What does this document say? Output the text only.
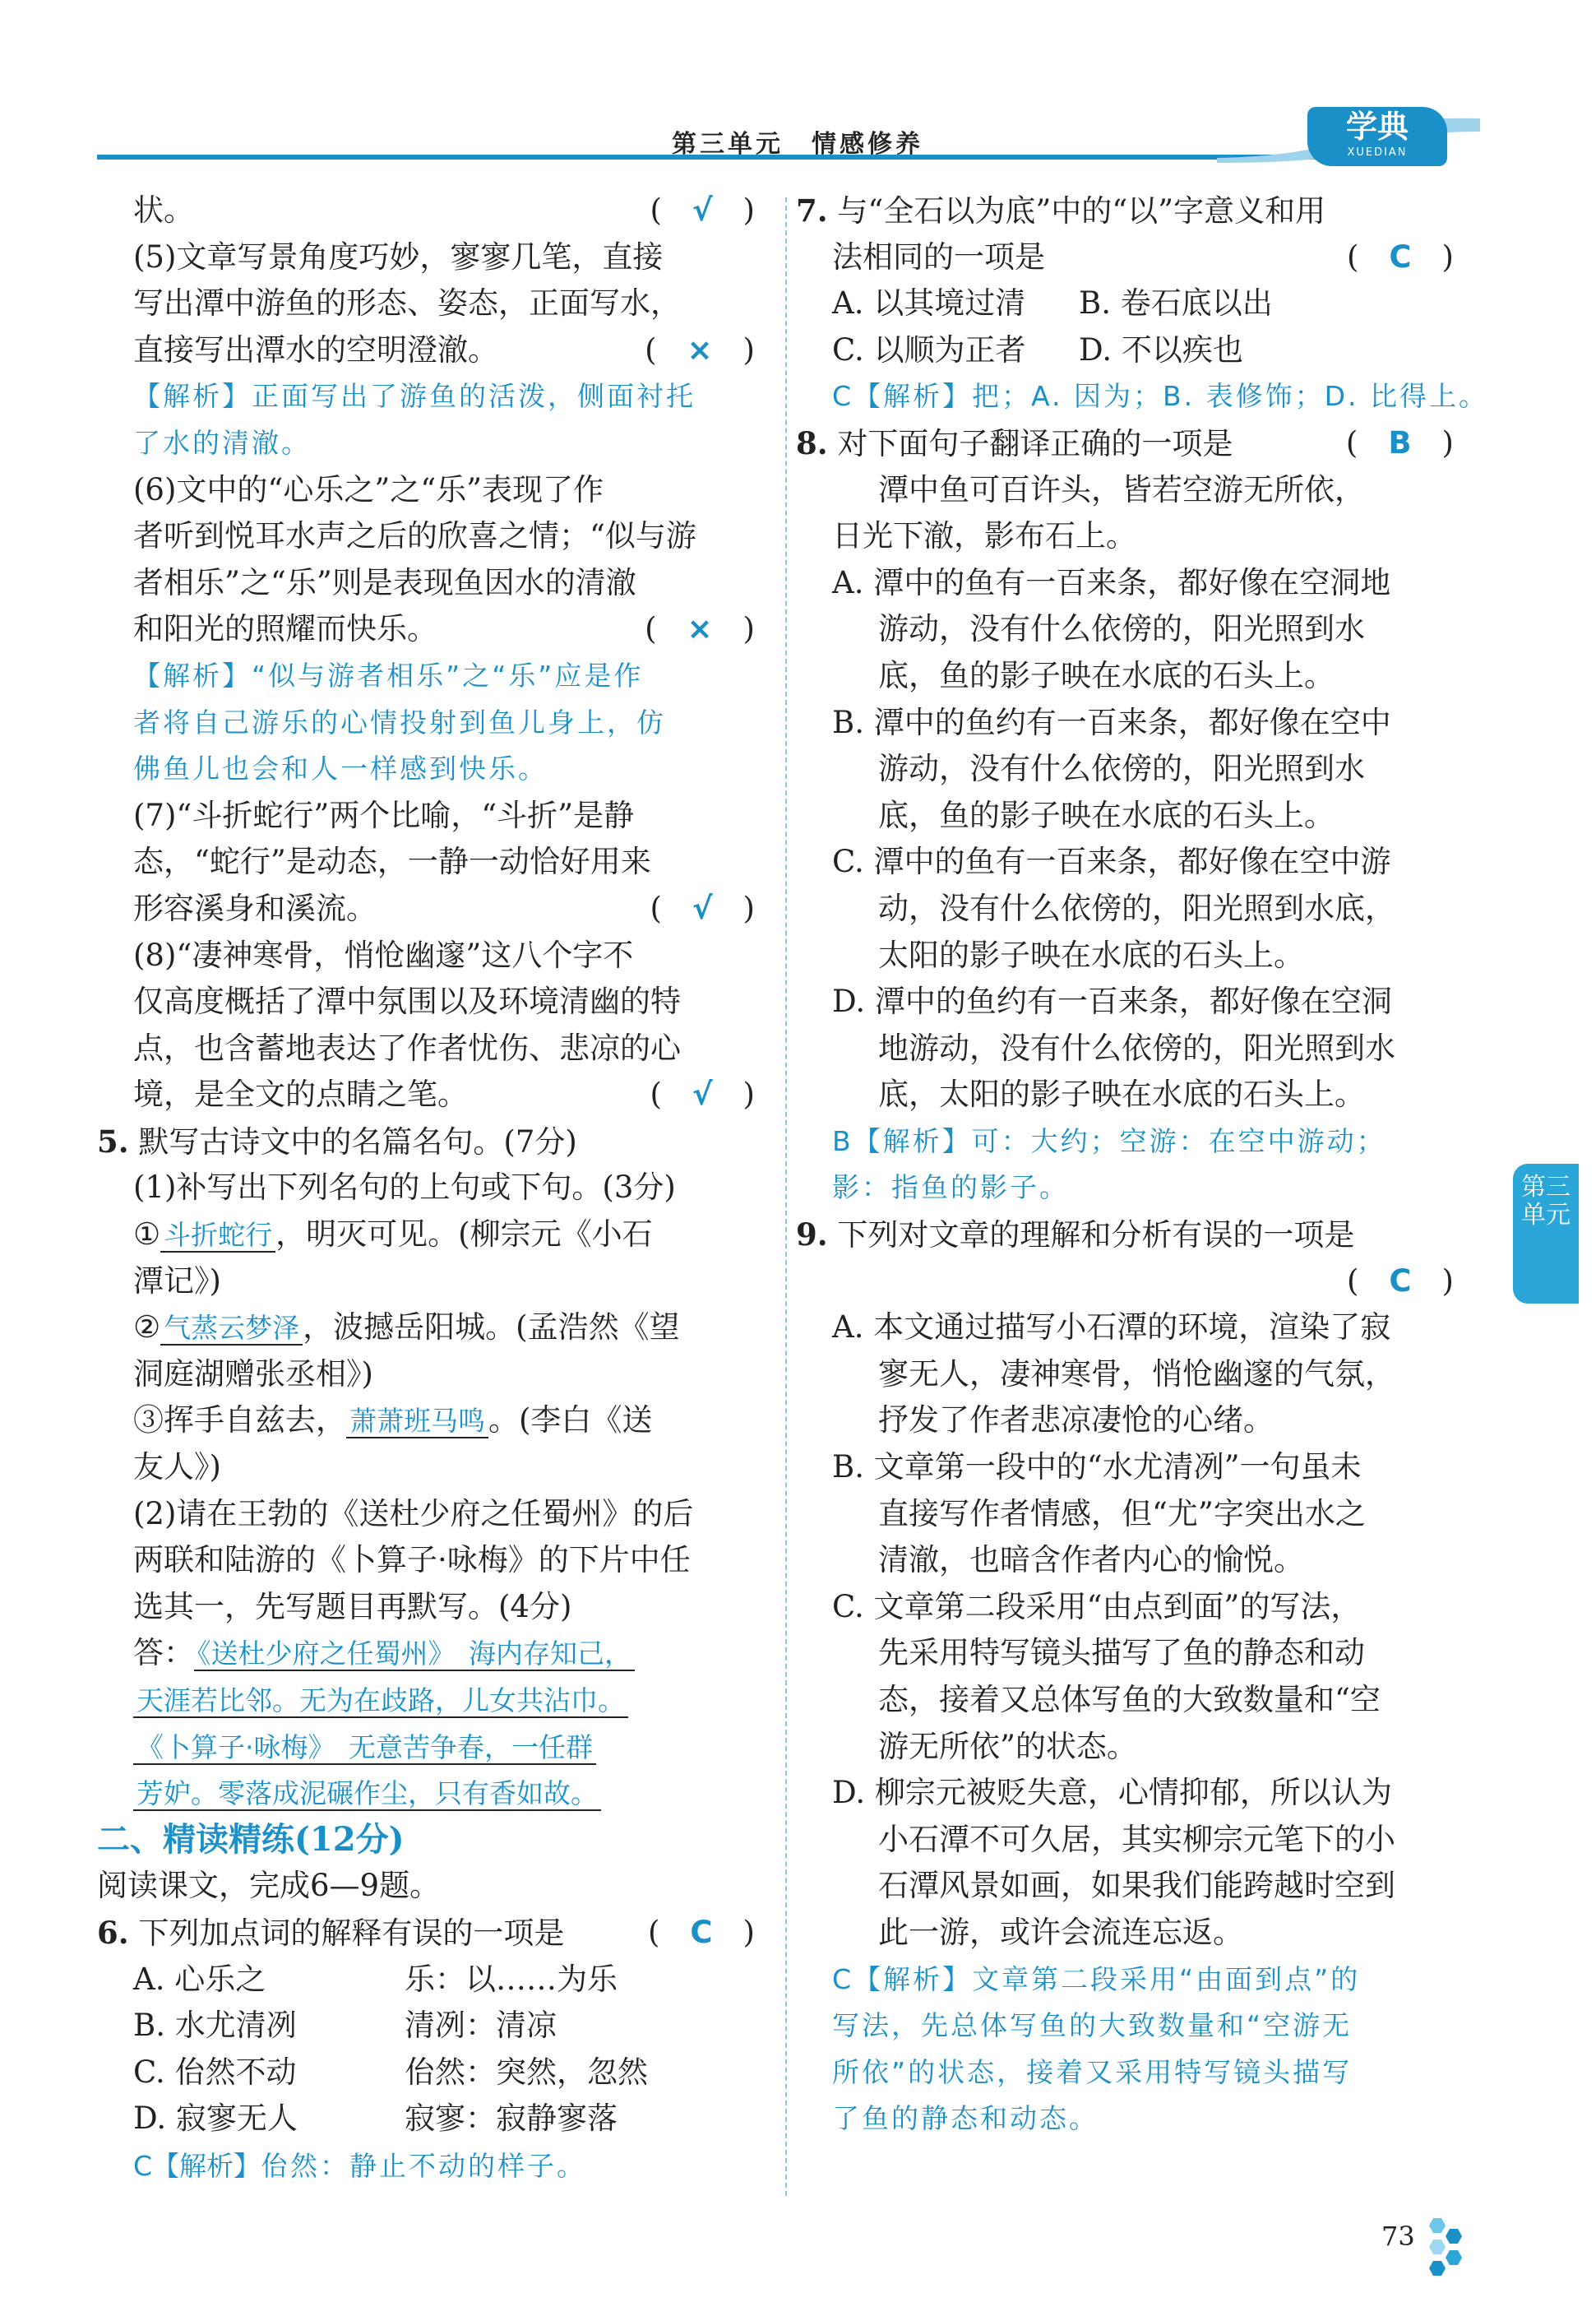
第三单元　情感修养	学典
XUEDIAN
状。	(　√　)
(5)文章写景角度巧妙，寥寥几笔，直接
写出潭中游鱼的形态、姿态，正面写水，
直接写出潭水的空明澄澈。	(　×　)
【解析】正面写出了游鱼的活泼，侧面衬托
了水的清澈。
(6)文中的“心乐之”之“乐”表现了作
者听到悦耳水声之后的欣喜之情；“似与游
者相乐”之“乐”则是表现鱼因水的清澈
和阳光的照耀而快乐。	(　×　)
【解析】“似与游者相乐”之“乐”应是作
者将自己游乐的心情投射到鱼儿身上，仿
佛鱼儿也会和人一样感到快乐。
(7)“斗折蛇行”两个比喻，“斗折”是静
态，“蛇行”是动态，一静一动恰好用来
形容溪身和溪流。	(　√　)
(8)“凄神寒骨，悄怆幽邃”这八个字不
仅高度概括了潭中氛围以及环境清幽的特
点，也含蓄地表达了作者忧伤、悲凉的心
境，是全文的点睛之笔。	(　√　)
5. 默写古诗文中的名篇名句。(7分)
(1)补写出下列名句的上句或下句。(3分)
① 斗折蛇行 ，明灭可见。(柳宗元《小石
潭记》)
② 气蒸云梦泽 ，波撼岳阳城。(孟浩然《望
洞庭湖赠张丞相》)
③挥手自兹去， 萧萧班马鸣 。(李白《送
友人》)
(2)请在王勃的《送杜少府之任蜀州》的后
两联和陆游的《卜算子·咏梅》的下片中任
选其一，先写题目再默写。(4分)
答： 《送杜少府之任蜀州》　海内存知己，
天涯若比邻。无为在歧路，儿女共沾巾。
《卜算子·咏梅》　无意苦争春，一任群
芳妒。零落成泥碾作尘，只有香如故。
二、精读精练(12分)
阅读课文，完成6—9题。
6. 下列加点词的解释有误的一项是	(　C　)
A. 心乐之	乐：以……为乐
B. 水尤清冽	清冽：清凉
C. 佁然不动	佁然：突然，忽然
D. 寂寥无人	寂寥：寂静寥落
C【解析】佁然：静止不动的样子。
7. 与“全石以为底”中的“以”字意义和用
法相同的一项是	(　C　)
A. 以其境过清 B. 卷石底以出
C. 以顺为正者 D. 不以疾也
C【解析】把；A. 因为；B. 表修饰；D. 比得上。
8. 对下面句子翻译正确的一项是	(　B　)
潭中鱼可百许头，皆若空游无所依，
日光下澈，影布石上。
A. 潭中的鱼有一百来条，都好像在空洞地
游动，没有什么依傍的，阳光照到水
底，鱼的影子映在水底的石头上。
B. 潭中的鱼约有一百来条，都好像在空中
游动，没有什么依傍的，阳光照到水
底，鱼的影子映在水底的石头上。
C. 潭中的鱼有一百来条，都好像在空中游
动，没有什么依傍的，阳光照到水底，
太阳的影子映在水底的石头上。
D. 潭中的鱼约有一百来条，都好像在空洞
地游动，没有什么依傍的，阳光照到水
底，太阳的影子映在水底的石头上。
B【解析】可：大约；空游：在空中游动；
影：指鱼的影子。
9. 下列对文章的理解和分析有误的一项是
(　C　)
A. 本文通过描写小石潭的环境，渲染了寂
寥无人，凄神寒骨，悄怆幽邃的气氛，
抒发了作者悲凉凄怆的心绪。
B. 文章第一段中的“水尤清冽”一句虽未
直接写作者情感，但“尤”字突出水之
清澈，也暗含作者内心的愉悦。
C. 文章第二段采用“由点到面”的写法，
先采用特写镜头描写了鱼的静态和动
态，接着又总体写鱼的大致数量和“空
游无所依”的状态。
D. 柳宗元被贬失意，心情抑郁，所以认为
小石潭不可久居，其实柳宗元笔下的小
石潭风景如画，如果我们能跨越时空到
此一游，或许会流连忘返。
C【解析】文章第二段采用“由面到点”的
写法，先总体写鱼的大致数量和“空游无
所依”的状态，接着又采用特写镜头描写
了鱼的静态和动态。
第三单元
73
